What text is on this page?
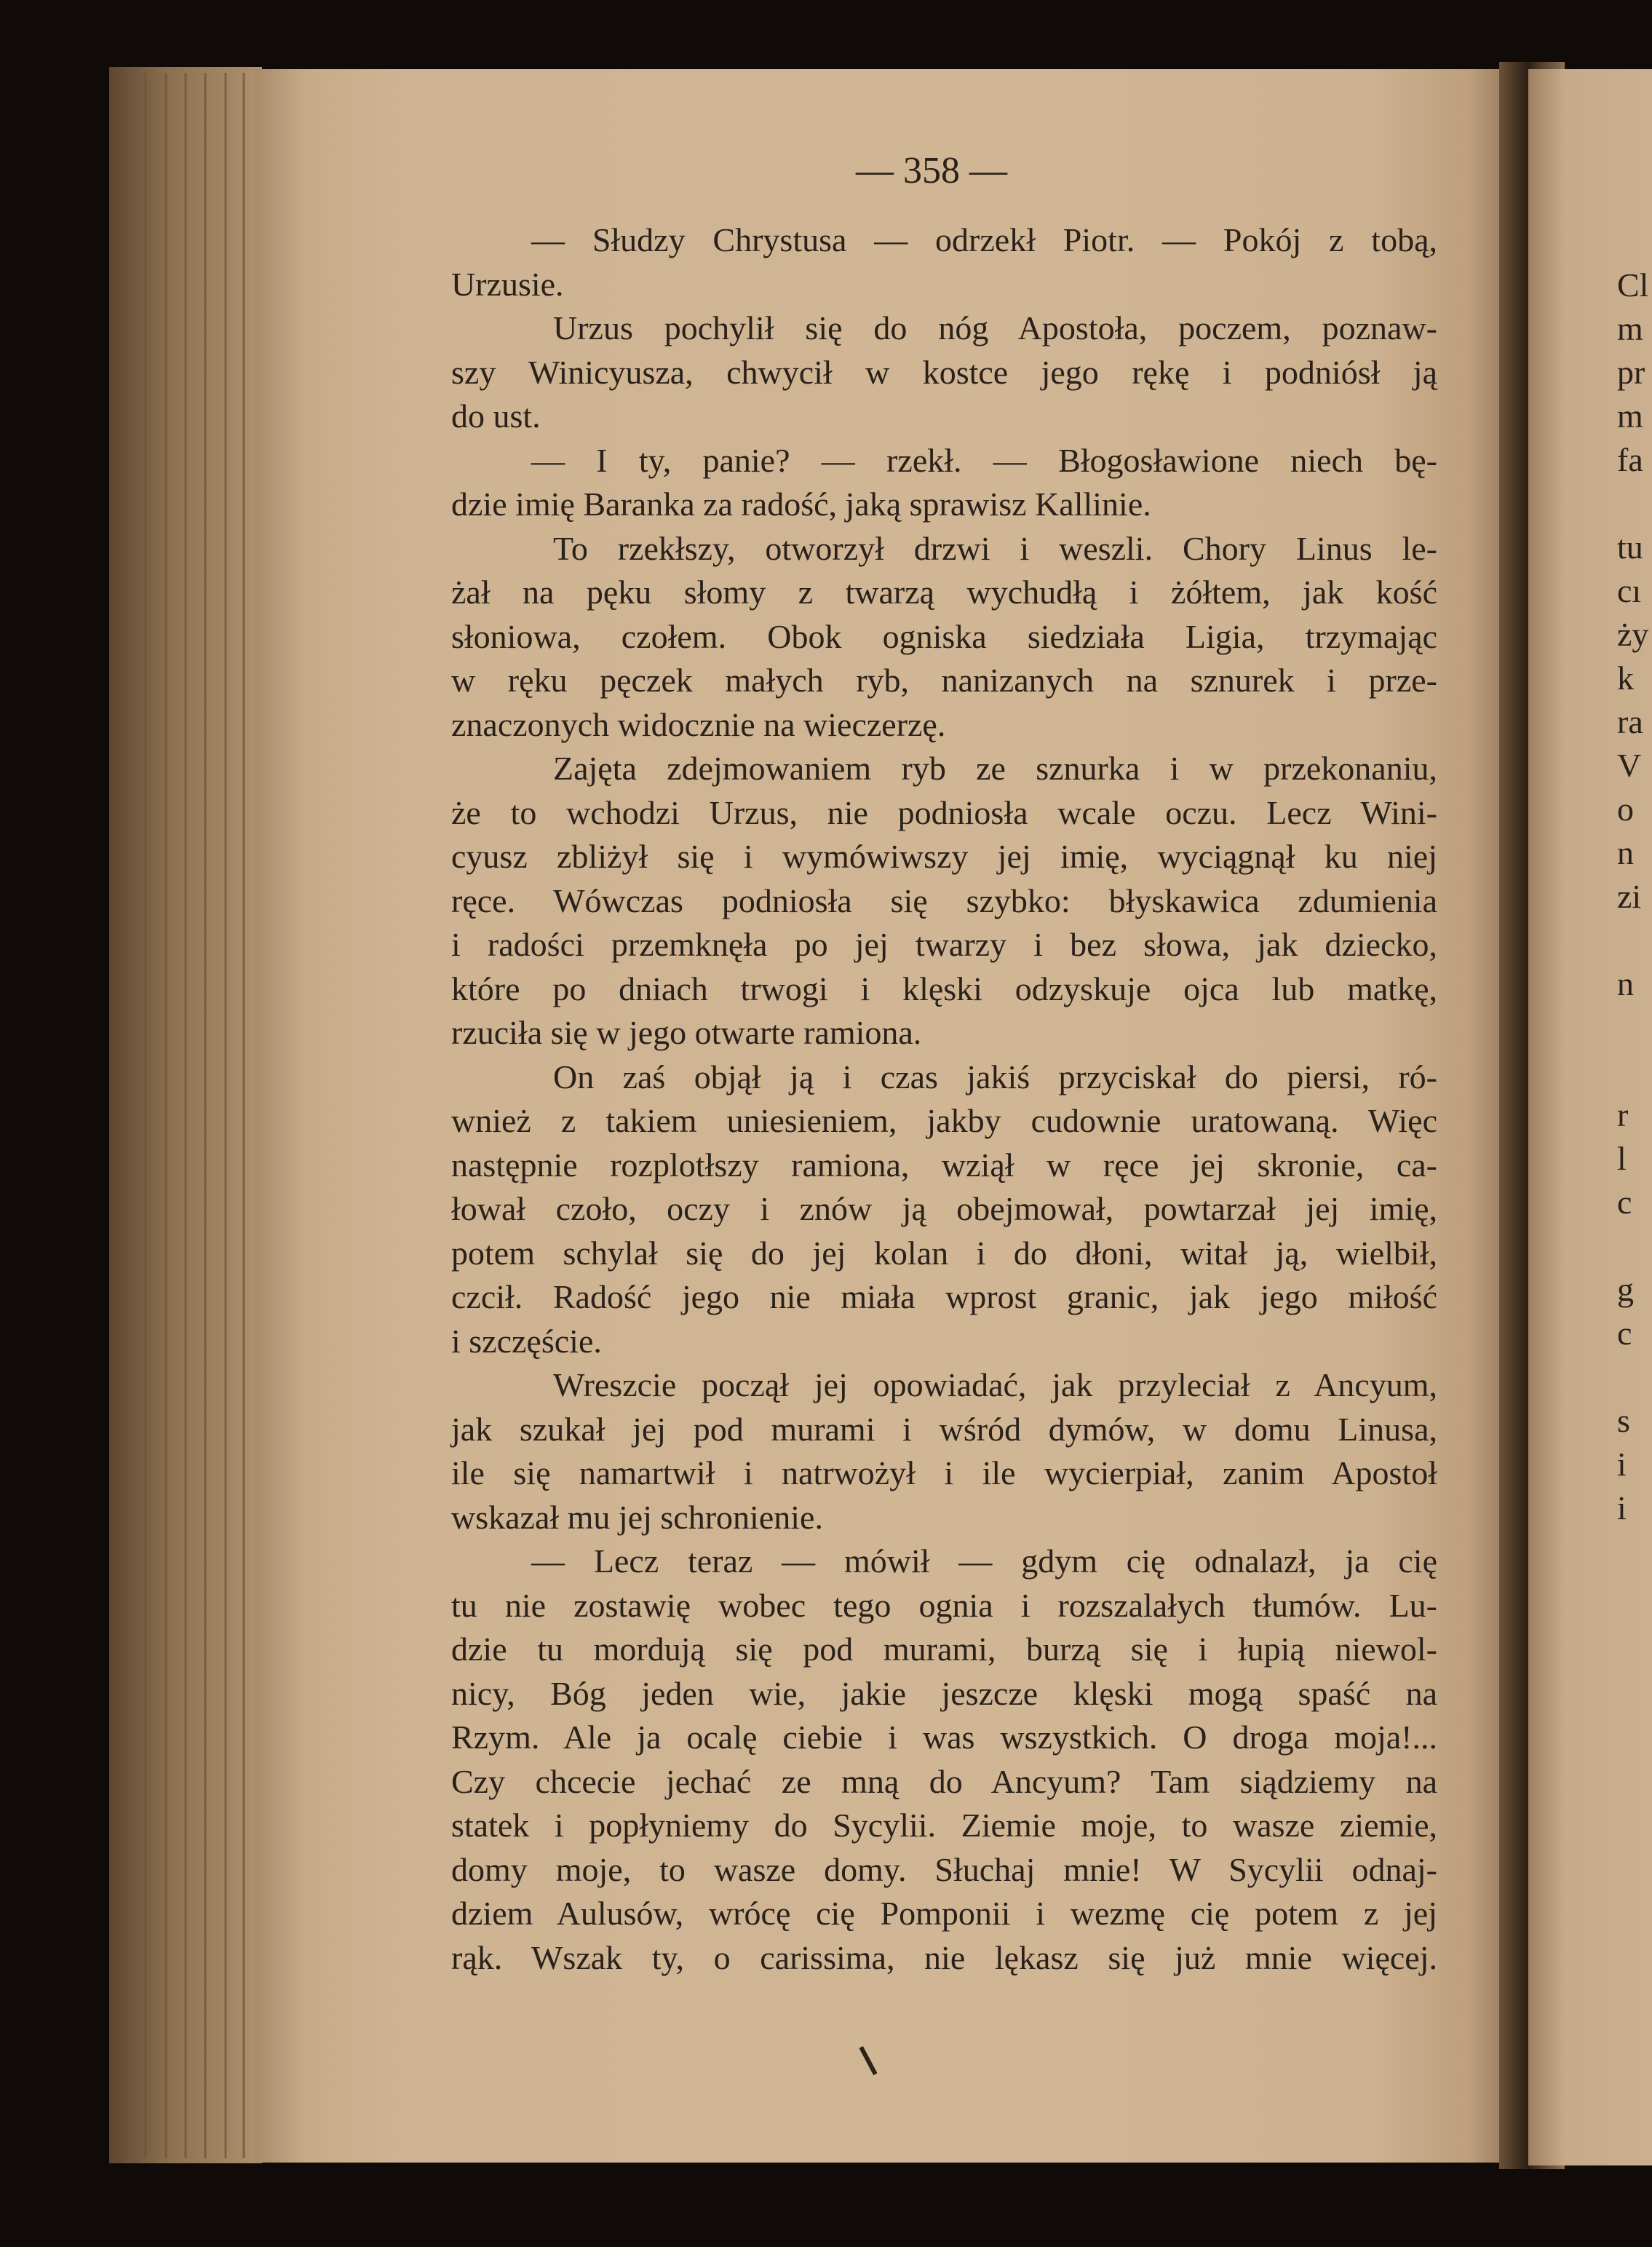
— 358 —
— Słudzy Chrystusa — odrzekł Piotr. — Pokój z tobą,
Urzusie.
Urzus pochylił się do nóg Apostoła, poczem, poznaw-
szy Winicyusza, chwycił w kostce jego rękę i podniósł ją
do ust.
— I ty, panie? — rzekł. — Błogosławione niech bę-
dzie imię Baranka za radość, jaką sprawisz Kallinie.
To rzekłszy, otworzył drzwi i weszli. Chory Linus le-
żał na pęku słomy z twarzą wychudłą i żółtem, jak kość
słoniowa, czołem. Obok ogniska siedziała Ligia, trzymając
w ręku pęczek małych ryb, nanizanych na sznurek i prze-
znaczonych widocznie na wieczerzę.
Zajęta zdejmowaniem ryb ze sznurka i w przekonaniu,
że to wchodzi Urzus, nie podniosła wcale oczu. Lecz Wini-
cyusz zbliżył się i wymówiwszy jej imię, wyciągnął ku niej
ręce. Wówczas podniosła się szybko: błyskawica zdumienia
i radości przemknęła po jej twarzy i bez słowa, jak dziecko,
które po dniach trwogi i klęski odzyskuje ojca lub matkę,
rzuciła się w jego otwarte ramiona.
On zaś objął ją i czas jakiś przyciskał do piersi, ró-
wnież z takiem uniesieniem, jakby cudownie uratowaną. Więc
następnie rozplotłszy ramiona, wziął w ręce jej skronie, ca-
łował czoło, oczy i znów ją obejmował, powtarzał jej imię,
potem schylał się do jej kolan i do dłoni, witał ją, wielbił,
czcił. Radość jego nie miała wprost granic, jak jego miłość
i szczęście.
Wreszcie począł jej opowiadać, jak przyleciał z Ancyum,
jak szukał jej pod murami i wśród dymów, w domu Linusa,
ile się namartwił i natrwożył i ile wycierpiał, zanim Apostoł
wskazał mu jej schronienie.
— Lecz teraz — mówił — gdym cię odnalazł, ja cię
tu nie zostawię wobec tego ognia i rozszalałych tłumów. Lu-
dzie tu mordują się pod murami, burzą się i łupią niewol-
nicy, Bóg jeden wie, jakie jeszcze klęski mogą spaść na
Rzym. Ale ja ocalę ciebie i was wszystkich. O droga moja!...
Czy chcecie jechać ze mną do Ancyum? Tam siądziemy na
statek i popłyniemy do Sycylii. Ziemie moje, to wasze ziemie,
domy moje, to wasze domy. Słuchaj mnie! W Sycylii odnaj-
dziem Aulusów, wrócę cię Pomponii i wezmę cię potem z jej
rąk. Wszak ty, o carissima, nie lękasz się już mnie więcej.
Cl
m
pr
m
fa
tu
cı
ży
k
ra
V
o
n
zi
n
r
l
c
g
c
s
i
i
